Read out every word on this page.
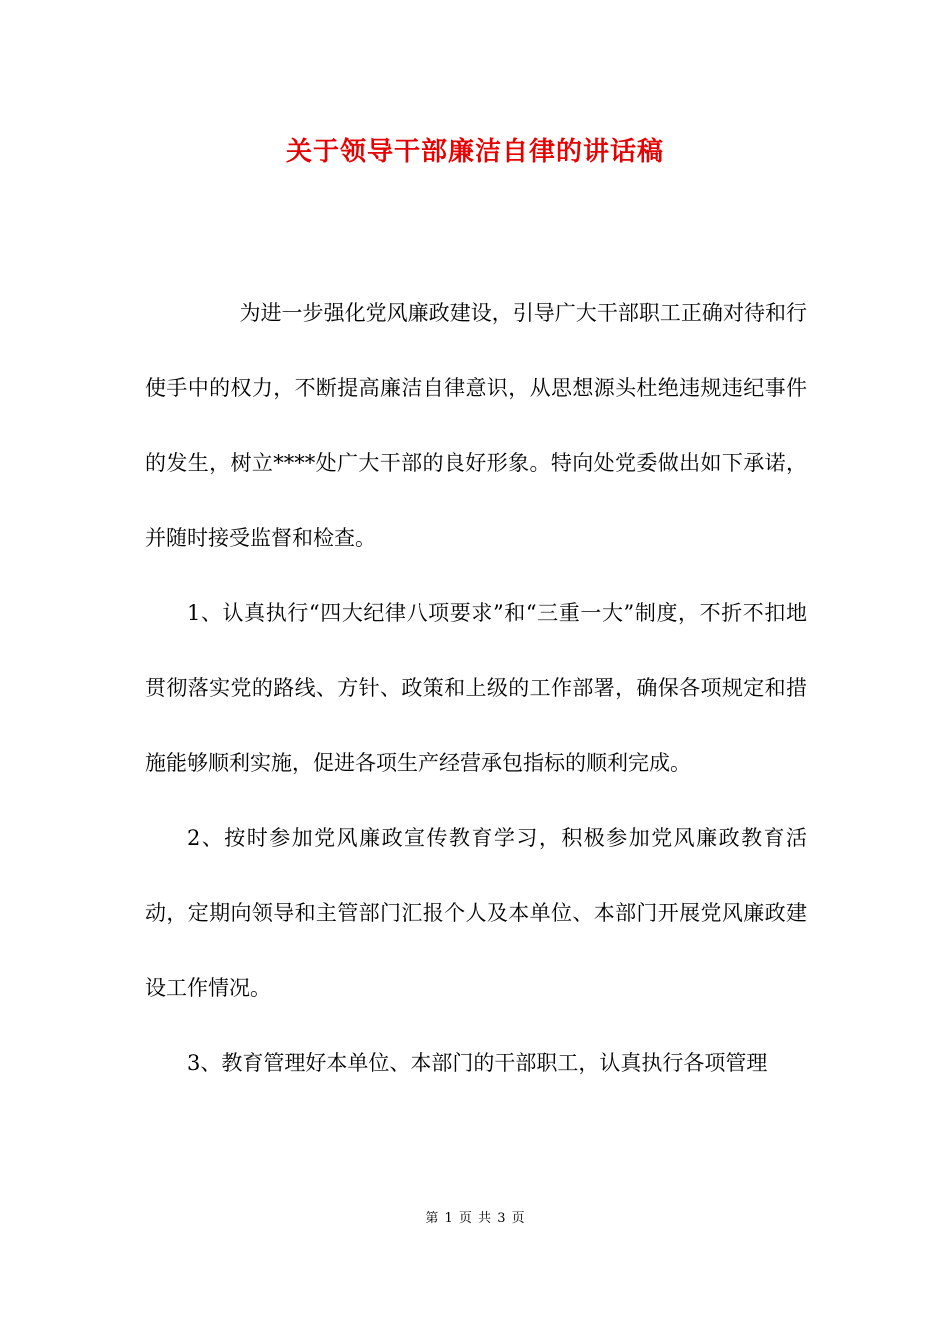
关于领导干部廉洁自律的讲话稿

为进一步强化党风廉政建设，引导广大干部职工正确对待和行使手中的权力，不断提高廉洁自律意识，从思想源头杜绝违规违纪事件的发生，树立****处广大干部的良好形象。特向处党委做出如下承诺，并随时接受监督和检查。

1、认真执行“四大纪律八项要求”和“三重一大”制度，不折不扣地贯彻落实党的路线、方针、政策和上级的工作部署，确保各项规定和措施能够顺利实施，促进各项生产经营承包指标的顺利完成。

2、按时参加党风廉政宣传教育学习，积极参加党风廉政教育活动，定期向领导和主管部门汇报个人及本单位、本部门开展党风廉政建设工作情况。

3、教育管理好本单位、本部门的干部职工，认真执行各项管理

第 1 页 共 3 页
